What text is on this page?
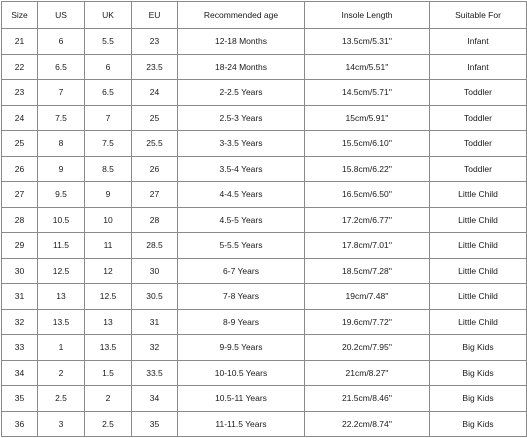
Size	US	UK	EU	Recommended age	Insole Length	Suitable For
21	6	5.5	23	12-18 Months	13.5cm/5.31''	Infant
22	6.5	6	23.5	18-24 Months	14cm/5.51''	Infant
23	7	6.5	24	2-2.5 Years	14.5cm/5.71''	Toddler
24	7.5	7	25	2.5-3 Years	15cm/5.91''	Toddler
25	8	7.5	25.5	3-3.5 Years	15.5cm/6.10''	Toddler
26	9	8.5	26	3.5-4 Years	15.8cm/6.22''	Toddler
27	9.5	9	27	4-4.5 Years	16.5cm/6.50''	Little Child
28	10.5	10	28	4.5-5 Years	17.2cm/6.77''	Little Child
29	11.5	11	28.5	5-5.5 Years	17.8cm/7.01''	Little Child
30	12.5	12	30	6-7 Years	18.5cm/7.28''	Little Child
31	13	12.5	30.5	7-8 Years	19cm/7.48''	Little Child
32	13.5	13	31	8-9 Years	19.6cm/7.72''	Little Child
33	1	13.5	32	9-9.5 Years	20.2cm/7.95''	Big Kids
34	2	1.5	33.5	10-10.5 Years	21cm/8.27''	Big Kids
35	2.5	2	34	10.5-11 Years	21.5cm/8.46''	Big Kids
36	3	2.5	35	11-11.5 Years	22.2cm/8.74''	Big Kids
